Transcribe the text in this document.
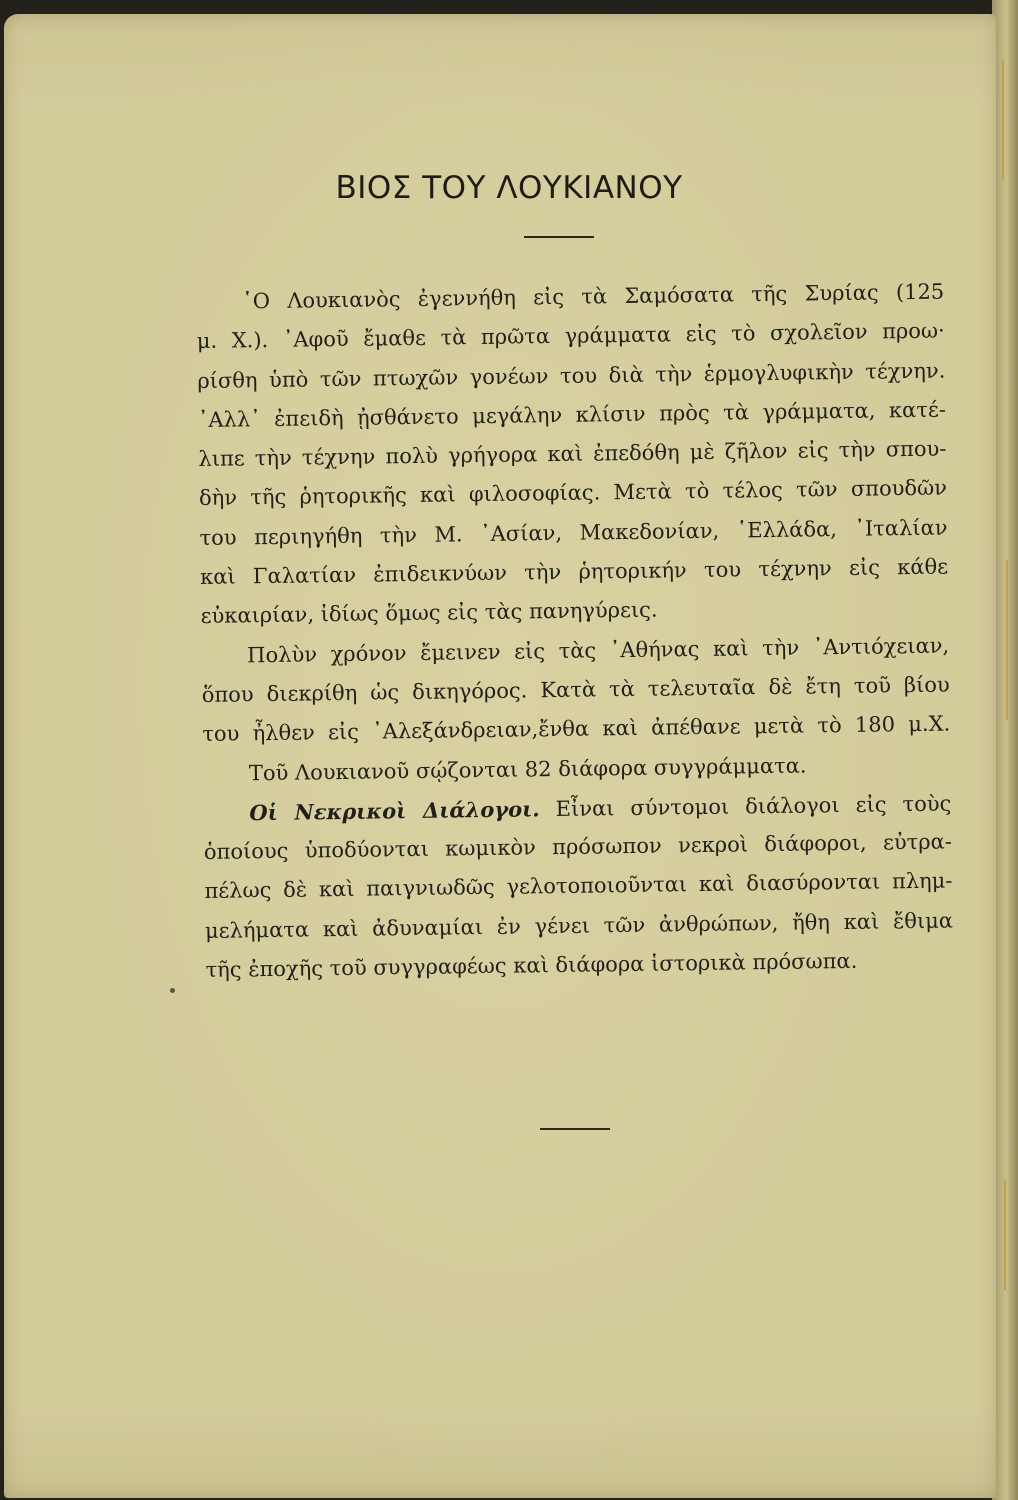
ΒΙΟΣ ΤΟΥ ΛΟΥΚΙΑΝΟΥ
῾Ο Λουκιανὸς ἐγεννήθη εἰς τὰ Σαμόσατα τῆς Συρίας (125
μ. Χ.). ᾿Αφοῦ ἔμαθε τὰ πρῶτα γράμματα εἰς τὸ σχολεῖον προω·
ρίσθη ὑπὸ τῶν πτωχῶν γονέων του διὰ τὴν ἑρμογλυφικὴν τέχνην.
᾿Αλλ᾿ ἐπειδὴ ᾐσθάνετο μεγάλην κλίσιν πρὸς τὰ γράμματα, κατέ-
λιπε τὴν τέχνην πολὺ γρήγορα καὶ ἐπεδόθη μὲ ζῆλον εἰς τὴν σπου-
δὴν τῆς ῥητορικῆς καὶ φιλοσοφίας. Μετὰ τὸ τέλος τῶν σπουδῶν
του περιηγήθη τὴν Μ. ᾿Ασίαν, Μακεδονίαν, ῾Ελλάδα, ᾿Ιταλίαν
καὶ Γαλατίαν ἐπιδεικνύων τὴν ῥητορικήν του τέχνην εἰς κάθε
εὐκαιρίαν, ἰδίως ὅμως εἰς τὰς πανηγύρεις.
Πολὺν χρόνον ἔμεινεν εἰς τὰς ᾿Αθήνας καὶ τὴν ᾿Αντιόχειαν,
ὅπου διεκρίθη ὡς δικηγόρος. Κατὰ τὰ τελευταῖα δὲ ἔτη τοῦ βίου
του ἦλθεν εἰς ᾿Αλεξάνδρειαν,ἔνθα καὶ ἀπέθανε μετὰ τὸ 180 μ.Χ.
Τοῦ Λουκιανοῦ σῴζονται 82 διάφορα συγγράμματα.
Οἱ Νεκρικοὶ Διάλογοι. Εἶναι σύντομοι διάλογοι εἰς τοὺς
ὁποίους ὑποδύονται κωμικὸν πρόσωπον νεκροὶ διάφοροι, εὐτρα-
πέλως δὲ καὶ παιγνιωδῶς γελοτοποιοῦνται καὶ διασύρονται πλημ-
μελήματα καὶ ἀδυναμίαι ἐν γένει τῶν ἀνθρώπων, ἤθη καὶ ἔθιμα
τῆς ἐποχῆς τοῦ συγγραφέως καὶ διάφορα ἱστορικὰ πρόσωπα.
